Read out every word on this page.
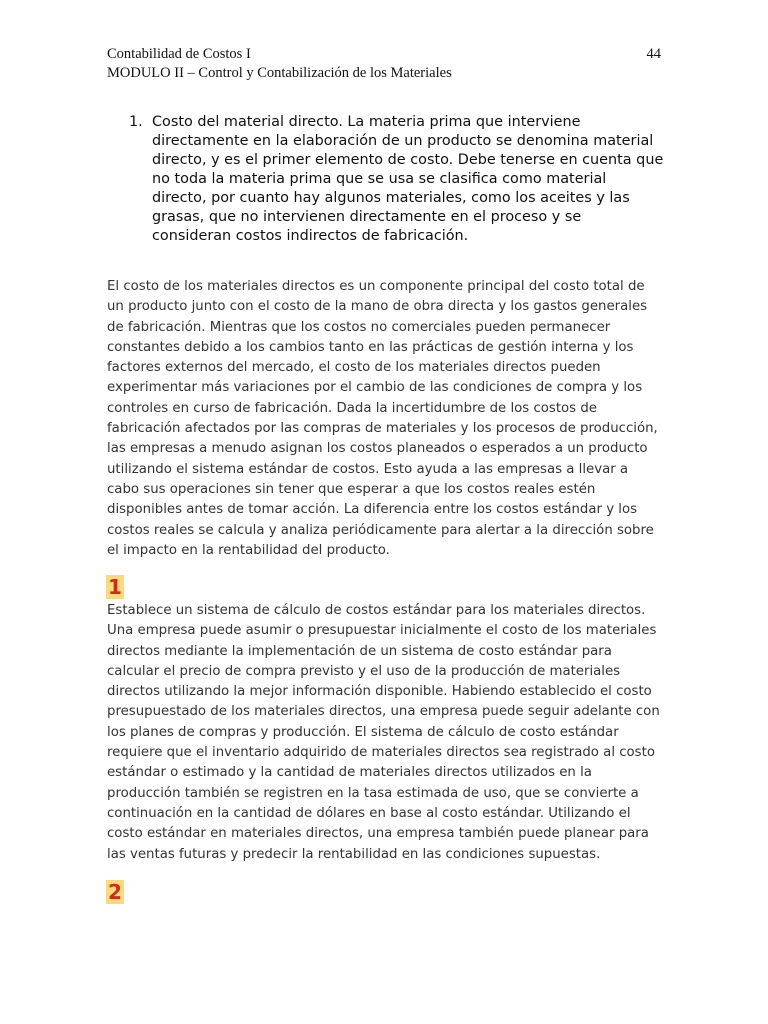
Contabilidad de Costos I
MODULO II – Control y Contabilización de los Materiales
44
1. Costo del material directo. La materia prima que interviene directamente en la elaboración de un producto se denomina material directo, y es el primer elemento de costo. Debe tenerse en cuenta que no toda la materia prima que se usa se clasifica como material directo, por cuanto hay algunos materiales, como los aceites y las grasas, que no intervienen directamente en el proceso y se consideran costos indirectos de fabricación.
El costo de los materiales directos es un componente principal del costo total de un producto junto con el costo de la mano de obra directa y los gastos generales de fabricación. Mientras que los costos no comerciales pueden permanecer constantes debido a los cambios tanto en las prácticas de gestión interna y los factores externos del mercado, el costo de los materiales directos pueden experimentar más variaciones por el cambio de las condiciones de compra y los controles en curso de fabricación. Dada la incertidumbre de los costos de fabricación afectados por las compras de materiales y los procesos de producción, las empresas a menudo asignan los costos planeados o esperados a un producto utilizando el sistema estándar de costos. Esto ayuda a las empresas a llevar a cabo sus operaciones sin tener que esperar a que los costos reales estén disponibles antes de tomar acción. La diferencia entre los costos estándar y los costos reales se calcula y analiza periódicamente para alertar a la dirección sobre el impacto en la rentabilidad del producto.
1
Establece un sistema de cálculo de costos estándar para los materiales directos. Una empresa puede asumir o presupuestar inicialmente el costo de los materiales directos mediante la implementación de un sistema de costo estándar para calcular el precio de compra previsto y el uso de la producción de materiales directos utilizando la mejor información disponible. Habiendo establecido el costo presupuestado de los materiales directos, una empresa puede seguir adelante con los planes de compras y producción. El sistema de cálculo de costo estándar requiere que el inventario adquirido de materiales directos sea registrado al costo estándar o estimado y la cantidad de materiales directos utilizados en la producción también se registren en la tasa estimada de uso, que se convierte a continuación en la cantidad de dólares en base al costo estándar. Utilizando el costo estándar en materiales directos, una empresa también puede planear para las ventas futuras y predecir la rentabilidad en las condiciones supuestas.
2
